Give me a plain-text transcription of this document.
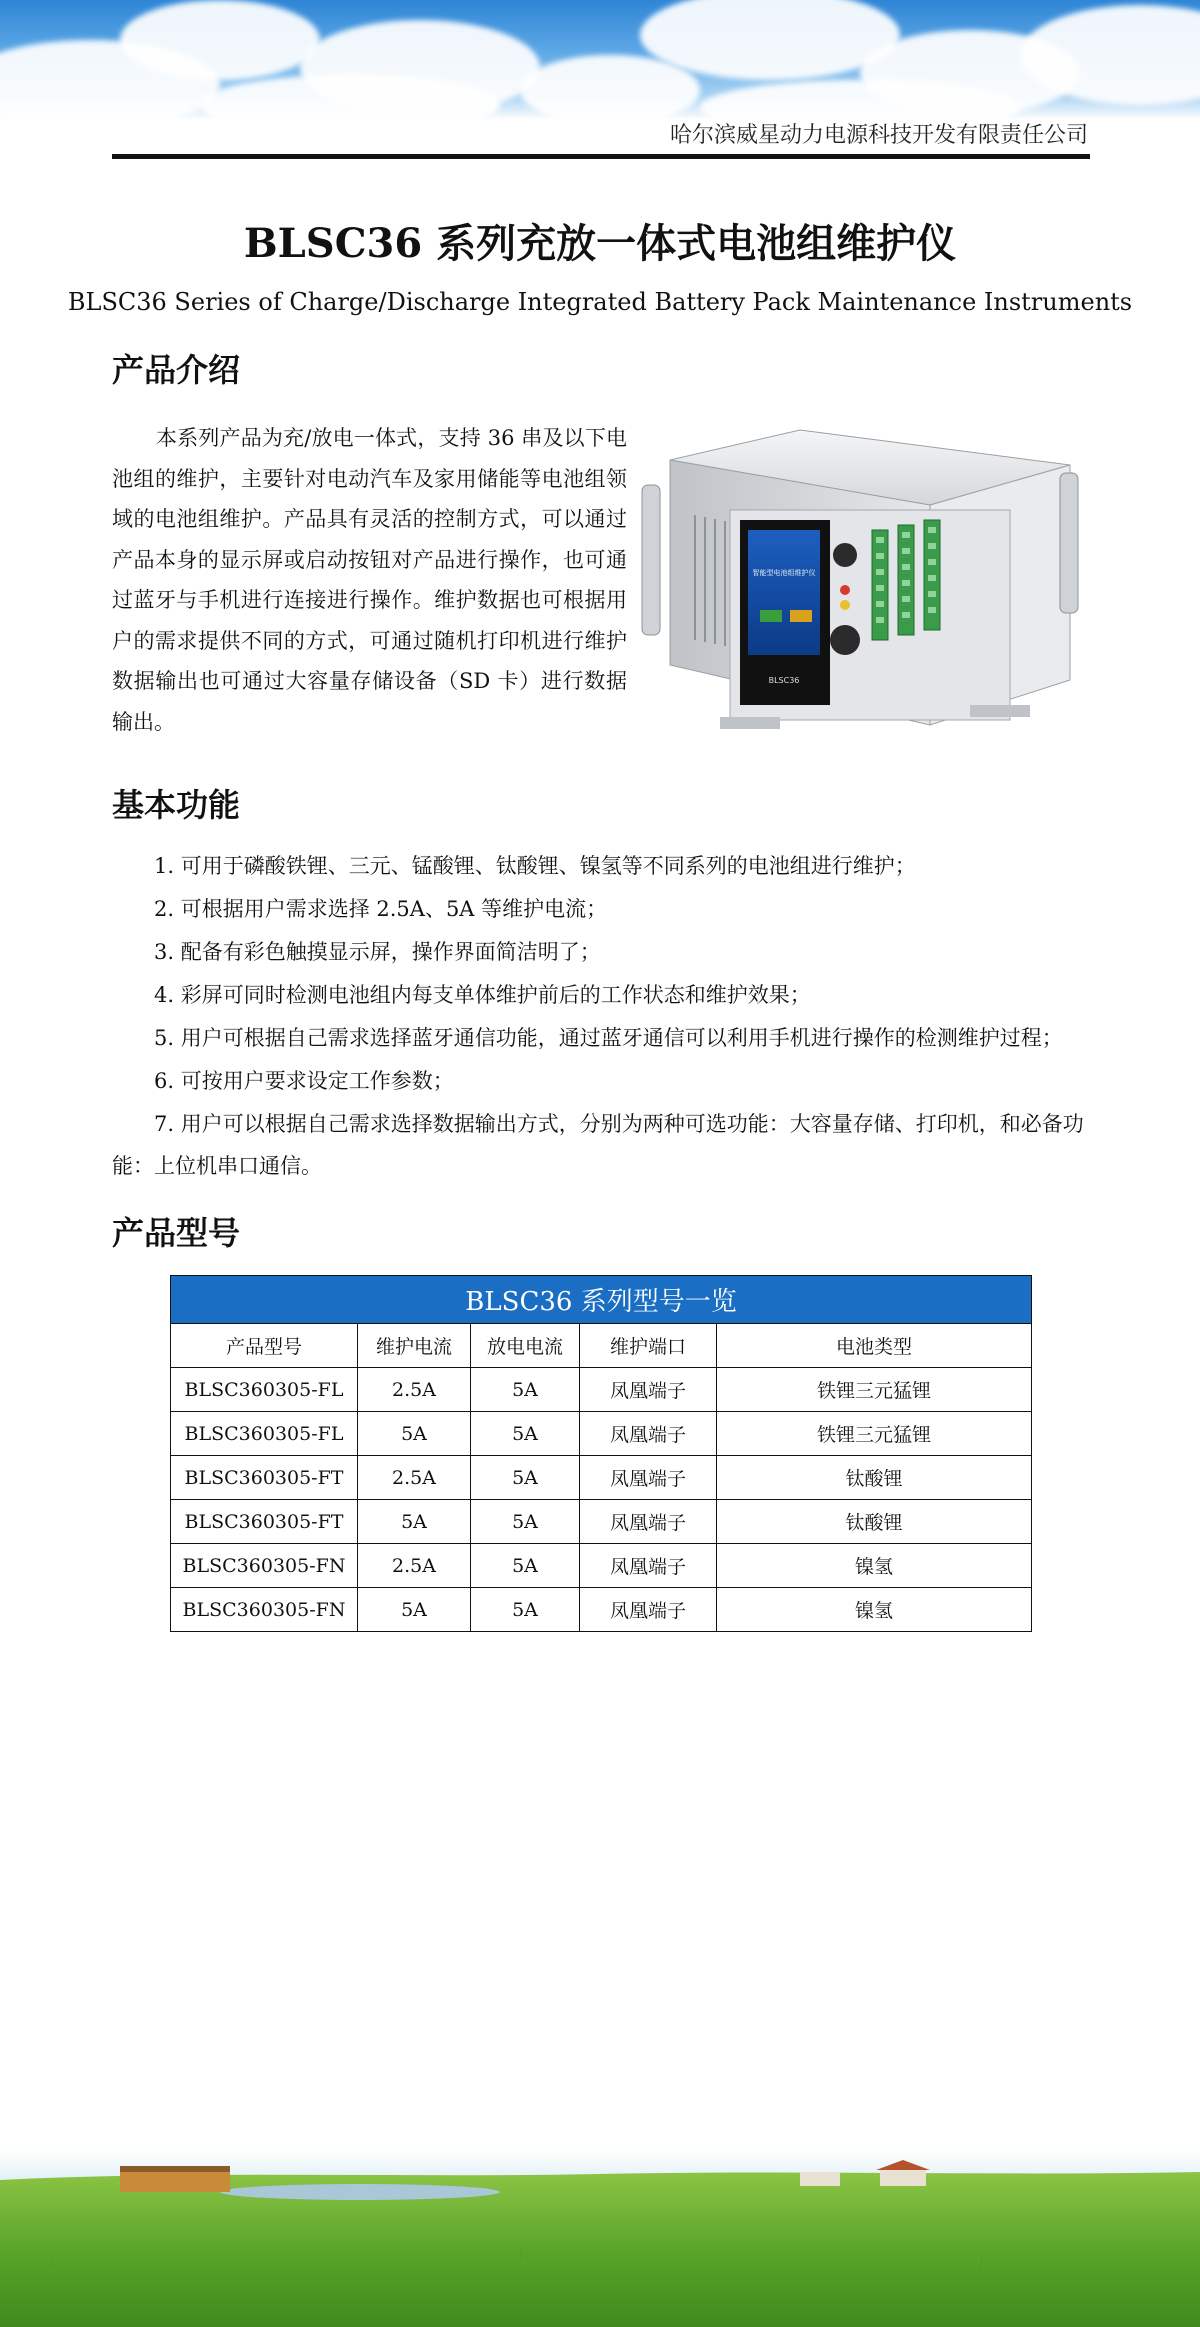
哈尔滨威星动力电源科技开发有限责任公司
BLSC36 系列充放一体式电池组维护仪
BLSC36 Series of Charge/Discharge Integrated Battery Pack Maintenance Instruments
产品介绍
本系列产品为充/放电一体式，支持 36 串及以下电池组的维护，主要针对电动汽车及家用储能等电池组领域的电池组维护。产品具有灵活的控制方式，可以通过产品本身的显示屏或启动按钮对产品进行操作，也可通过蓝牙与手机进行连接进行操作。维护数据也可根据用户的需求提供不同的方式，可通过随机打印机进行维护数据输出也可通过大容量存储设备（SD 卡）进行数据输出。
智能型电池组维护仪
BLSC36
基本功能
1. 可用于磷酸铁锂、三元、锰酸锂、钛酸锂、镍氢等不同系列的电池组进行维护；
2. 可根据用户需求选择 2.5A、5A 等维护电流；
3. 配备有彩色触摸显示屏，操作界面简洁明了；
4. 彩屏可同时检测电池组内每支单体维护前后的工作状态和维护效果；
5. 用户可根据自己需求选择蓝牙通信功能，通过蓝牙通信可以利用手机进行操作的检测维护过程；
6. 可按用户要求设定工作参数；
7. 用户可以根据自己需求选择数据输出方式，分别为两种可选功能：大容量存储、打印机，和必备功能：上位机串口通信。
产品型号
BLSC36 系列型号一览				
产品型号	维护电流	放电电流	维护端口	电池类型
BLSC360305-FL	2.5A	5A	凤凰端子	铁锂三元猛锂
BLSC360305-FL	5A	5A	凤凰端子	铁锂三元猛锂
BLSC360305-FT	2.5A	5A	凤凰端子	钛酸锂
BLSC360305-FT	5A	5A	凤凰端子	钛酸锂
BLSC360305-FN	2.5A	5A	凤凰端子	镍氢
BLSC360305-FN	5A	5A	凤凰端子	镍氢
